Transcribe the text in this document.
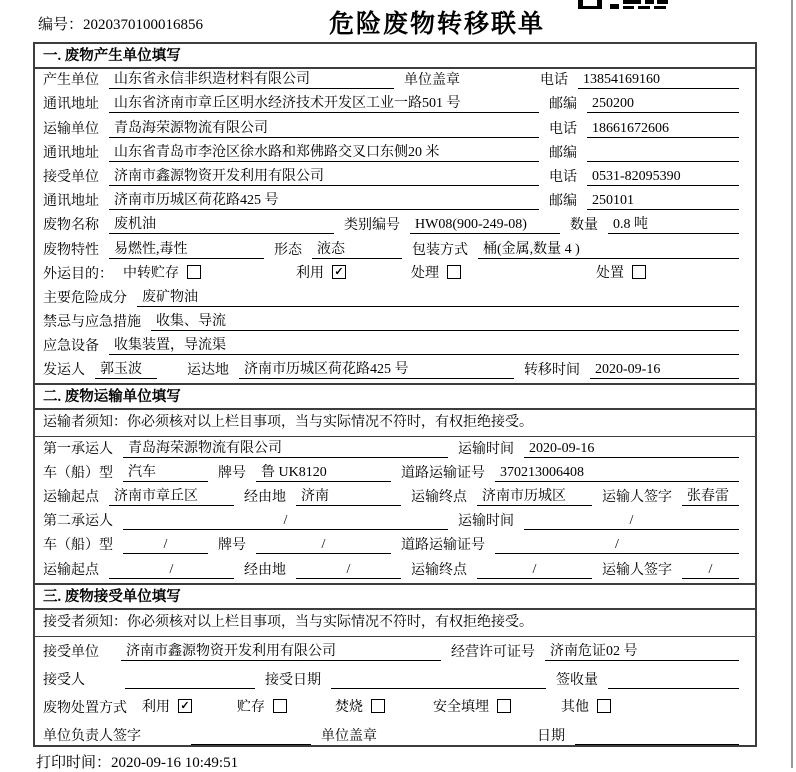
编号：2020370100016856	危险废物转移联单
一. 废物产生单位填写
产生单位	山东省永信非织造材料有限公司	单位盖章	电话	13854169160
通讯地址	山东省济南市章丘区明水经济技术开发区工业一路501 号	邮编	250200
运输单位	青岛海荣源物流有限公司	电话	18661672606
通讯地址	山东省青岛市李沧区徐水路和郑佛路交叉口东侧20 米	邮编
接受单位	济南市鑫源物资开发利用有限公司	电话	0531-82095390
通讯地址	济南市历城区荷花路425 号	邮编	250101
废物名称	废机油	类别编号	HW08(900-249-08)	数量	0.8 吨
废物特性	易燃性,毒性	形态	液态	包装方式	桶(金属,数量 4 )
外运目的： 中转贮存	利用 ✓	处理	处置
主要危险成分	废矿物油
禁忌与应急措施	收集、导流
应急设备	收集装置，导流渠
发运人	郭玉波	运达地	济南市历城区荷花路425 号	转移时间	2020-09-16
二. 废物运输单位填写
运输者须知：你必须核对以上栏目事项，当与实际情况不符时，有权拒绝接受。
第一承运人	青岛海荣源物流有限公司	运输时间	2020-09-16
车（船）型	汽车	牌号	鲁 UK8120	道路运输证号	370213006408
运输起点	济南市章丘区	经由地	济南	运输终点	济南市历城区	运输人签字	张春雷
第二承运人	/	运输时间	/
车（船）型	/	牌号	/	道路运输证号	/
运输起点	/	经由地	/	运输终点	/	运输人签字	/
三. 废物接受单位填写
接受者须知：你必须核对以上栏目事项，当与实际情况不符时，有权拒绝接受。
接受单位	济南市鑫源物资开发利用有限公司	经营许可证号	济南危证02 号
接受人	接受日期	签收量
废物处置方式 利用 ✓	贮存	焚烧	安全填埋	其他
单位负责人签字	单位盖章	日期
打印时间：2020-09-16 10:49:51
